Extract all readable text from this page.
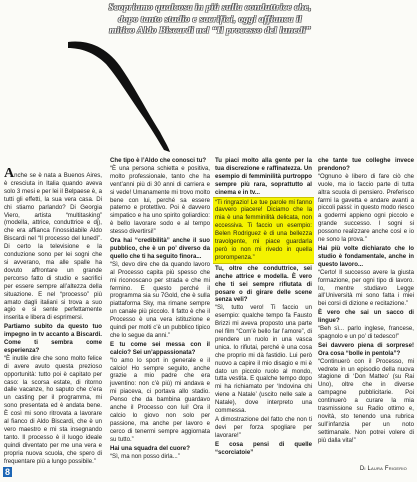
Scopriamo qualcosa in più sulla conduttrice che,
dopo tanto studio e sacrifici, oggi affianca il
mitico Aldo Biscardi nel “Il processo del lunedì”

Anche se è nata a Buenos Aires, è cresciuta in Italia quando aveva solo 3 mesi e per lei il Belpaese è, a tutti gli effetti, la sua vera casa. Di chi stiamo parlando? Di Georgia Viero, artista “multitasking” (modella, attrice, conduttrice e dj), che era affianca l’inossidabile Aldo Biscardi nel “Il processo del lunedì”. Di certo la televisione e la conduzione sono per lei sogni che si avverano, ma alle spalle ha dovuto affrontare un grande percorso fatto di studio e sacrifici per essere sempre all’altezza della situazione. E nel “processo” più amato dagli italiani si trova a suo agio e si sente perfettamente inserita e libera di esprimersi.

Partiamo subito da questo tuo impegno in tv accanto a Biscardi. Come ti sembra come esperienza?

“È inutile dire che sono molto felice di avere avuto questa prezioso opportunità: tutto poi è capitato per caso: la scorsa estate, di ritorno dalle vacanze, ho saputo che c’era un casting per il programma, mi sono presentata ed è andata bene. È così mi sono ritrovata a lavorare al fianco di Aldo Biscardi, che è un vero maestro e mi sta insegnando tanto. Il processo è il luogo ideale quindi diventato per me una vera e propria nuova scuola, che spero di frequentare più a lungo possibile.”

Che tipo è l’Aldo che conosci tu?

“È una persona schietta e positiva, molto professionale, tanto che ha vent’anni più di 30 anni di carriera e si vede! Umanamente mi trovo molto bene con lui, perché sa essere paterno e protettivo. Poi è davvero simpatico e ha uno spirito goliardico: è bello lavorare sodo e al tempo stesso divertirsi!”

Ora hai “credibilità” anche il suo pubblico, che è un po’ diverso da quello che ti ha seguito finora...

“Sì, devo dire che da quando lavoro al Processo capita più spesso che mi riconoscano per strada e che mi fermino. E questo perché il programma sia su 7Gold, che è sulla piattaforma Sky, ma rimane sempre un canale più piccolo. Il fatto è che il Processo è una vera istituzione e quindi per molti c’è un pubblico tipico che lo segue da anni.”

E tu come sei messa con il calcio? Sei un’appassionata?

“Io amo lo sport in generale e il calcio! Ho sempre seguito, anche grazie a mio padre che era juventino: non c’è più) mi andava e mi piaceva, ci portava allo stadio. Penso che da bambina guardavo anche il Processo con lui! Ora il calcio lo giovo non solo per passione, ma anche per lavoro e cerco di tenermi sempre aggiornata su tutto.”

Hai una squadra del cuore?

“Sì, ma non posso dirla...”

Tu piaci molto alla gente per la tua discrezione e raffinatezza. Un esempio di femminilità purtroppo sempre più rara, soprattutto al cinema e in tv...
“Ti ringrazio! Le tue parole mi fanno davvero piacere! Diciamo che la mia è una femminilità delicata, non eccessiva. Ti faccio un esempio: Belen Rodriguez è di una bellezza travolgente, mi piace guardarla però io non mi rivedo in quella prorompenza.”
Tu, oltre che conduttrice, sei anche attrice e modella. È vero che ti sei sempre rifiutata di posare o di girare delle scene senza veli?

“Sì, tutto vero! Ti faccio un esempio: qualche tempo fa Fausto Brizzi mi aveva proposto una parte nel film “Com’è bello far l’amore”, di prendere un ruolo in una vasca unica. Io rifiutai, perché è una cosa che proprio mi dà fastidio. Lui però nuovo a capire il mio disagio e mi è dato un piccolo ruolo al mondo, tutta vestita. E qualche tempo dopo mi ha richiamato per ‘Indovina chi viene a Natale’ (uscito nelle sale a Natale), dove interpreto una commessa.

A dimostrazione del fatto che non ti devi per forza spogliare per lavorare!”

E cosa pensi di quelle “scorciatoie”
che tante tue colleghe invece prendono?

“Ognuno è libero di fare ciò che vuole, ma io faccio parte di tutta altra scuola di pensiero. Preferisco farmi la gavetta e andare avanti a piccoli passi: in questo modo riesco a godermi appieno ogni piccolo e grande successo. I sogni si possono realizzare anche così e io ne sono la prova.”

Hai più volte dichiarato che lo studio è fondamentale, anche in questo lavoro...

“Certo! Il successo avere la giusta formazione, per ogni tipo di lavoro. Io, mentre studiavo Legge all’Università mi sono fatta i miei bei corsi di dizione e recitazione.”

È vero che sai un sacco di lingue?

“Beh sì... parlo inglese, francese, spagnolo e un po’ di tedesco!”

Sei davvero piena di sorprese! Ora cosa “bolle in pentola”?

“Continuerò con il Processo, mi vedrete in un episodio della nuova stagione di ‘Don Matteo’ (su Rai Uno), oltre che in diverse campagne pubblicitarie. Poi continuerò a curare la mia trasmissione su Radio ottimo e, novità, sto tenendo una rubrica sull’infanzia per un noto settimanale. Non potrei volere di più dalla vita!”

Di Laura Frigerio
8
